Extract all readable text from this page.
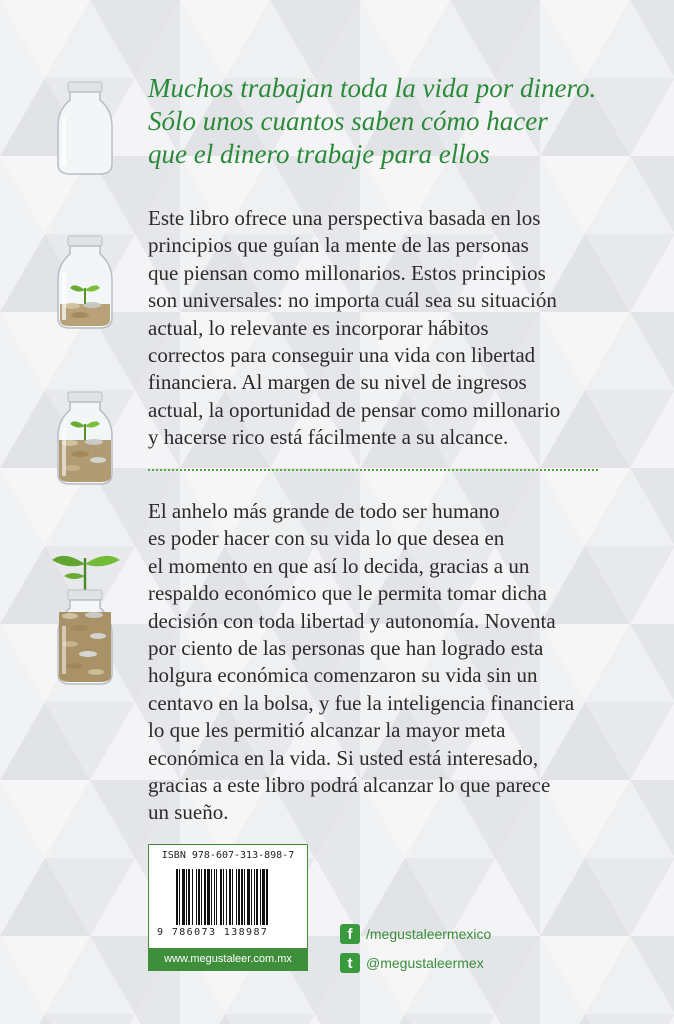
Muchos trabajan toda la vida por dinero.
Sólo unos cuantos saben cómo hacer
que el dinero trabaje para ellos
Este libro ofrece una perspectiva basada en los
principios que guían la mente de las personas
que piensan como millonarios. Estos principios
son universales: no importa cuál sea su situación
actual, lo relevante es incorporar hábitos
correctos para conseguir una vida con libertad
financiera. Al margen de su nivel de ingresos
actual, la oportunidad de pensar como millonario
y hacerse rico está fácilmente a su alcance.
El anhelo más grande de todo ser humano
es poder hacer con su vida lo que desea en
el momento en que así lo decida, gracias a un
respaldo económico que le permita tomar dicha
decisión con toda libertad y autonomía. Noventa
por ciento de las personas que han logrado esta
holgura económica comenzaron su vida sin un
centavo en la bolsa, y fue la inteligencia financiera
lo que les permitió alcanzar la mayor meta
económica en la vida. Si usted está interesado,
gracias a este libro podrá alcanzar lo que parece
un sueño.
ISBN 978-607-313-898-7
9 786073 138987
www.megustaleer.com.mx
f /megustaleermexico
t @megustaleermex
